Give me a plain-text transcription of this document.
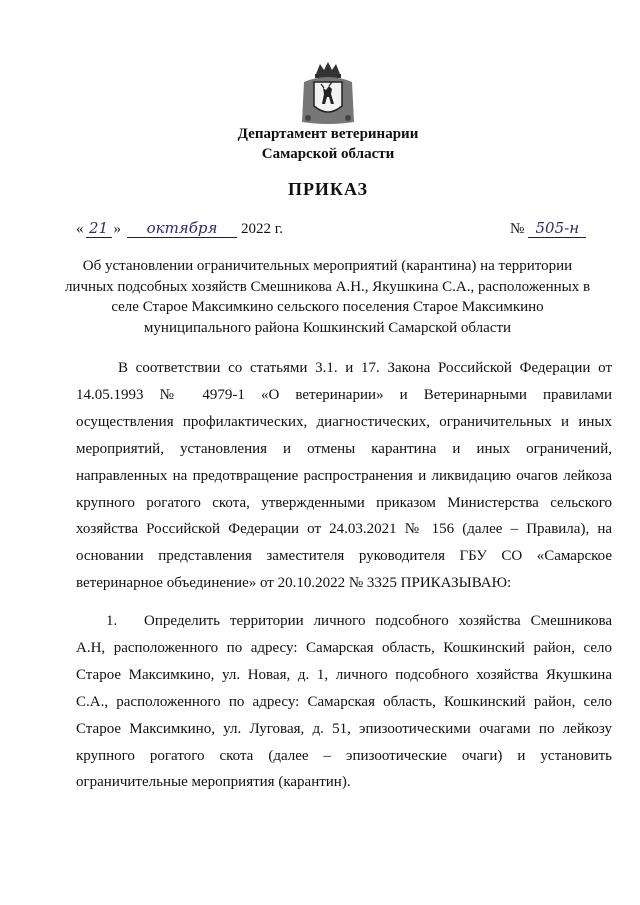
Департамент ветеринарии
Самарской области
ПРИКАЗ
« 21 » октября 2022 г.	№ 505-н
Об установлении ограничительных мероприятий (карантина) на территории личных подсобных хозяйств Смешникова А.Н., Якушкина С.А., расположенных в селе Старое Максимкино сельского поселения Старое Максимкино муниципального района Кошкинский Самарской области
В соответствии со статьями 3.1. и 17. Закона Российской Федерации от 14.05.1993 № 4979-1 «О ветеринарии» и Ветеринарными правилами осуществления профилактических, диагностических, ограничительных и иных мероприятий, установления и отмены карантина и иных ограничений, направленных на предотвращение распространения и ликвидацию очагов лейкоза крупного рогатого скота, утвержденными приказом Министерства сельского хозяйства Российской Федерации от 24.03.2021 № 156 (далее – Правила), на основании представления заместителя руководителя ГБУ СО «Самарское ветеринарное объединение» от 20.10.2022 № 3325 ПРИКАЗЫВАЮ:
1. Определить территории личного подсобного хозяйства Смешникова А.Н, расположенного по адресу: Самарская область, Кошкинский район, село Старое Максимкино, ул. Новая, д. 1, личного подсобного хозяйства Якушкина С.А., расположенного по адресу: Самарская область, Кошкинский район, село Старое Максимкино, ул. Луговая, д. 51, эпизоотическими очагами по лейкозу крупного рогатого скота (далее – эпизоотические очаги) и установить ограничительные мероприятия (карантин).
